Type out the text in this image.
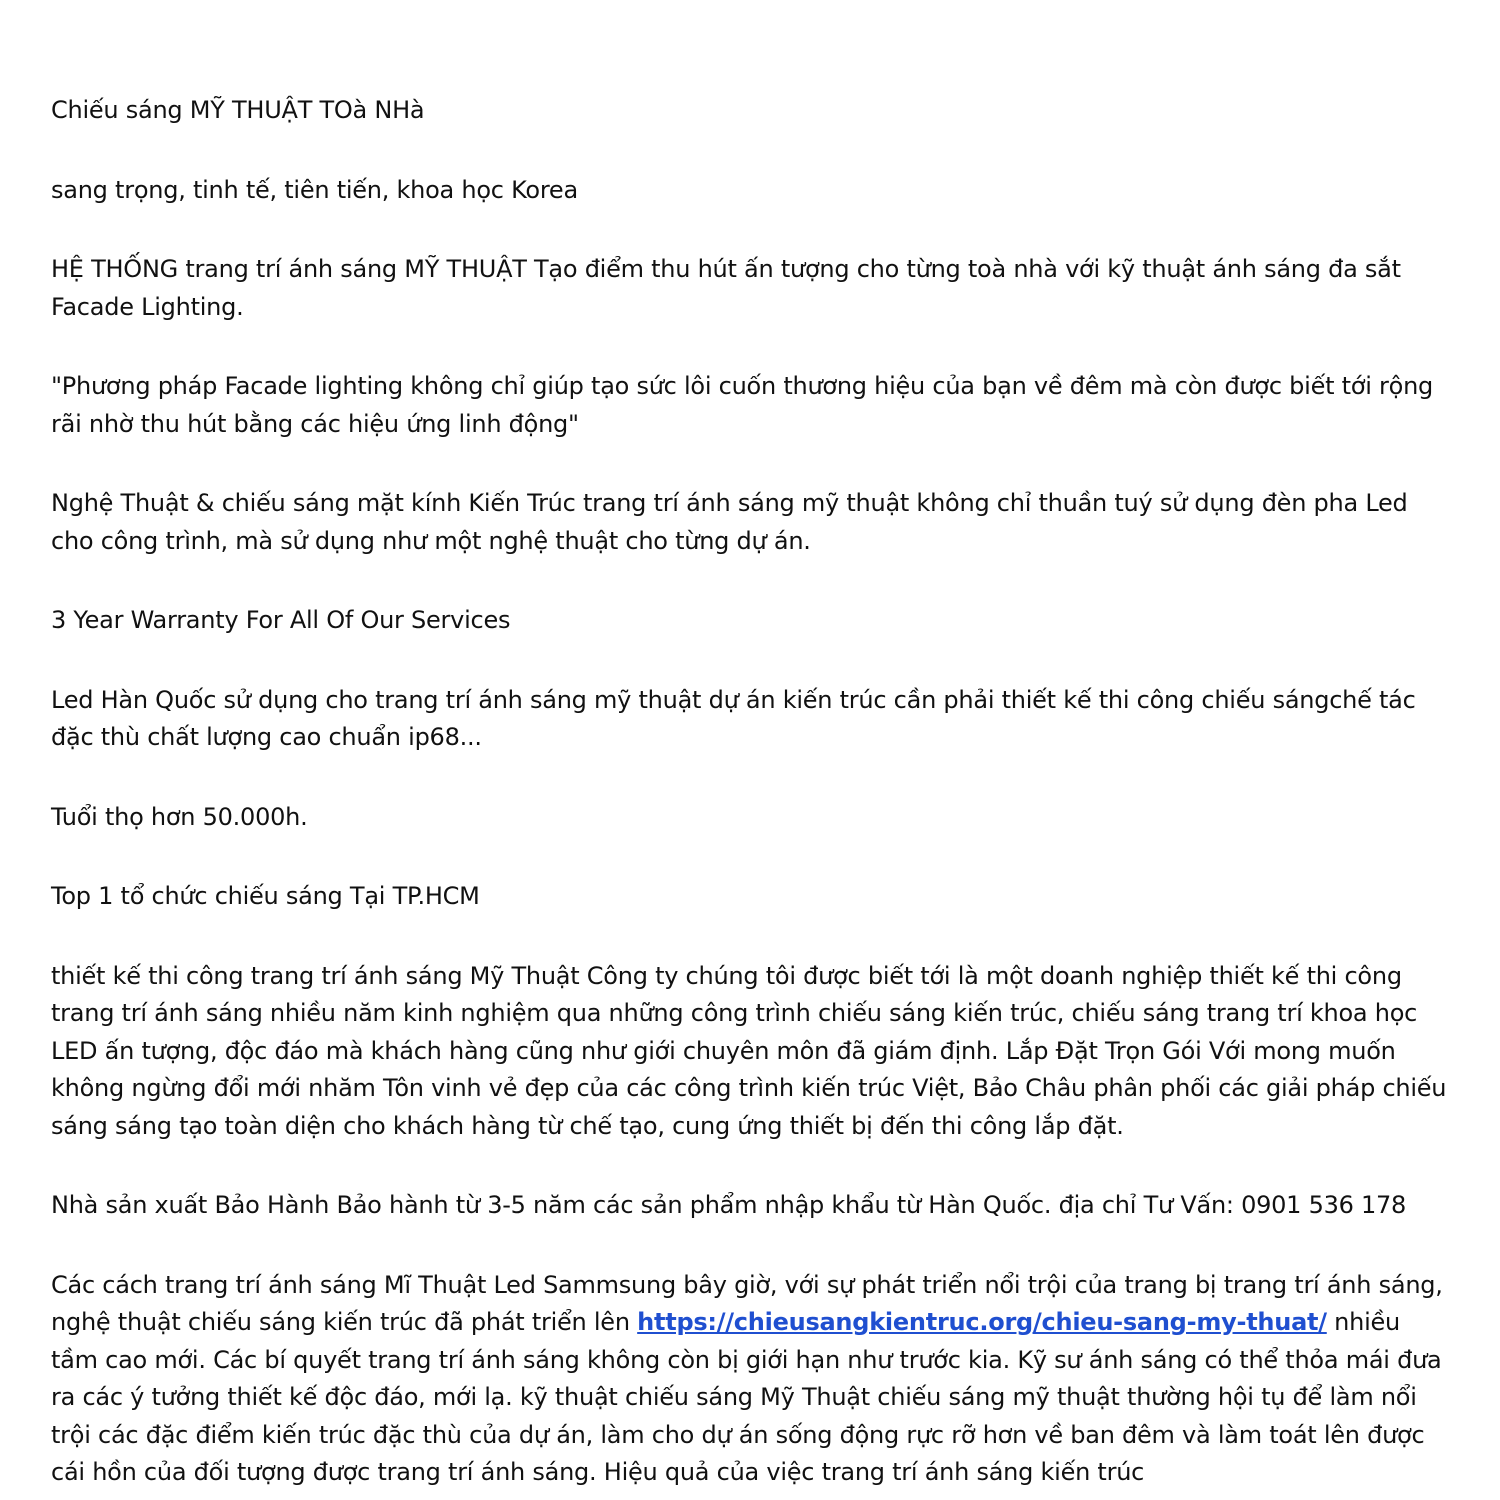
Chiếu sáng MỸ THUẬT TOà NHà

sang trọng, tinh tế, tiên tiến, khoa học Korea

HỆ THỐNG trang trí ánh sáng MỸ THUẬT Tạo điểm thu hút ấn tượng cho từng toà nhà với kỹ thuật ánh sáng đa sắt Facade Lighting.

"Phương pháp Facade lighting không chỉ giúp tạo sức lôi cuốn thương hiệu của bạn về đêm mà còn được biết tới rộng rãi nhờ thu hút bằng các hiệu ứng linh động"

Nghệ Thuật & chiếu sáng mặt kính Kiến Trúc trang trí ánh sáng mỹ thuật không chỉ thuần tuý sử dụng đèn pha Led cho công trình, mà sử dụng như một nghệ thuật cho từng dự án.

3 Year Warranty For All Of Our Services

Led Hàn Quốc sử dụng cho trang trí ánh sáng mỹ thuật dự án kiến trúc cần phải thiết kế thi công chiếu sángchế tác đặc thù chất lượng cao chuẩn ip68...

Tuổi thọ hơn 50.000h.

Top 1 tổ chức chiếu sáng Tại TP.HCM

thiết kế thi công trang trí ánh sáng Mỹ Thuật Công ty chúng tôi được biết tới là một doanh nghiệp thiết kế thi công trang trí ánh sáng nhiều năm kinh nghiệm qua những công trình chiếu sáng kiến trúc, chiếu sáng trang trí khoa học LED ấn tượng, độc đáo mà khách hàng cũng như giới chuyên môn đã giám định. Lắp Đặt Trọn Gói Với mong muốn không ngừng đổi mới nhăm Tôn vinh vẻ đẹp của các công trình kiến trúc Việt, Bảo Châu phân phối các giải pháp chiếu sáng sáng tạo toàn diện cho khách hàng từ chế tạo, cung ứng thiết bị đến thi công lắp đặt.

Nhà sản xuất Bảo Hành Bảo hành từ 3-5 năm các sản phẩm nhập khẩu từ Hàn Quốc. địa chỉ Tư Vấn: 0901 536 178

Các cách trang trí ánh sáng Mĩ Thuật Led Sammsung bây giờ, với sự phát triển nổi trội của trang bị trang trí ánh sáng, nghệ thuật chiếu sáng kiến trúc đã phát triển lên https://chieusangkientruc.org/chieu-sang-my-thuat/ nhiều tầm cao mới. Các bí quyết trang trí ánh sáng không còn bị giới hạn như trước kia. Kỹ sư ánh sáng có thể thỏa mái đưa ra các ý tưởng thiết kế độc đáo, mới lạ. kỹ thuật chiếu sáng Mỹ Thuật chiếu sáng mỹ thuật thường hội tụ để làm nổi trội các đặc điểm kiến trúc đặc thù của dự án, làm cho dự án sống động rực rỡ hơn về ban đêm và làm toát lên được cái hồn của đối tượng được trang trí ánh sáng. Hiệu quả của việc trang trí ánh sáng kiến trúc
